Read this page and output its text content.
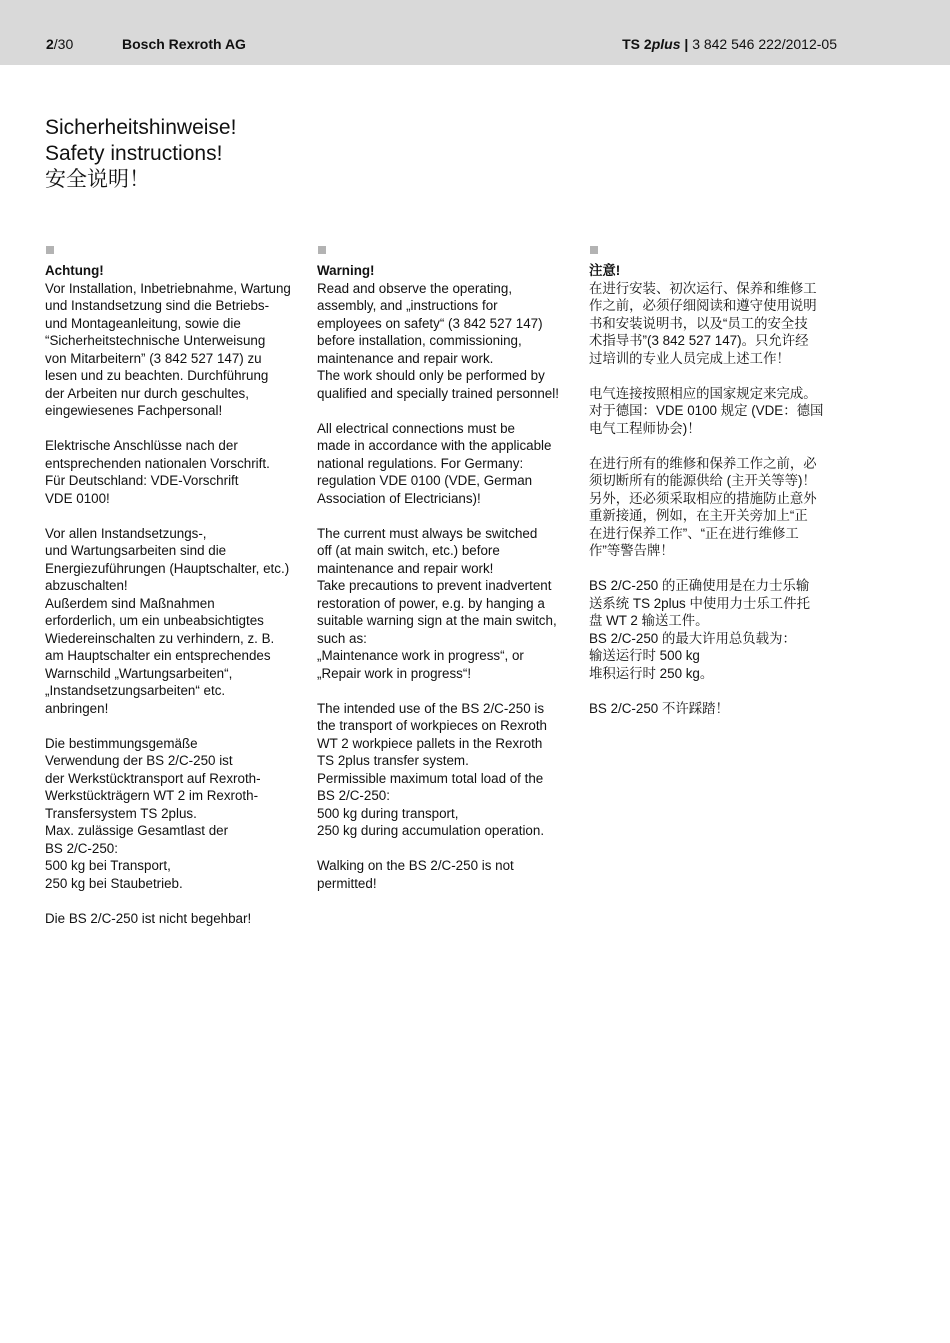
2/30	Bosch Rexroth AG	TS 2plus | 3 842 546 222/2012-05
Sicherheitshinweise!
Safety instructions!
安全说明！
Achtung!
Vor Installation, Inbetriebnahme, Wartung
und Instandsetzung sind die Betriebs-
und Montageanleitung, sowie die
“Sicherheitstechnische Unterweisung
von Mitarbeitern” (3 842 527 147) zu
lesen und zu beachten. Durchführung
der Arbeiten nur durch geschultes,
eingewiesenes Fachpersonal!
Elektrische Anschlüsse nach der
entsprechenden nationalen Vorschrift.
Für Deutschland: VDE-Vorschrift
VDE 0100!
Vor allen Instandsetzungs-,
und Wartungsarbeiten sind die
Energiezuführungen (Hauptschalter, etc.)
abzuschalten!
Außerdem sind Maßnahmen
erforderlich, um ein unbeabsichtigtes
Wiedereinschalten zu verhindern, z. B.
am Hauptschalter ein entsprechendes
Warnschild „Wartungsarbeiten“,
„Instandsetzungsarbeiten“ etc.
anbringen!
Die bestimmungsgemäße
Verwendung der BS 2/C-250 ist
der Werkstücktransport auf Rexroth-
Werkstückträgern WT 2 im Rexroth-
Transfersystem TS 2plus.
Max. zulässige Gesamtlast der
BS 2/C-250:
500 kg bei Transport,
250 kg bei Staubetrieb.
Die BS 2/C-250 ist nicht begehbar!
Warning!
Read and observe the operating,
assembly, and „instructions for
employees on safety“ (3 842 527 147)
before installation, commissioning,
maintenance and repair work.
The work should only be performed by
qualified and specially trained personnel!
All electrical connections must be
made in accordance with the applicable
national regulations. For Germany:
regulation VDE 0100 (VDE, German
Association of Electricians)!
The current must always be switched
off (at main switch, etc.) before
maintenance and repair work!
Take precautions to prevent inadvertent
restoration of power, e.g. by hanging a
suitable warning sign at the main switch,
such as:
„Maintenance work in progress“, or
„Repair work in progress“!
The intended use of the BS 2/C-250 is
the transport of workpieces on Rexroth
WT 2 workpiece pallets in the Rexroth
TS 2plus transfer system.
Permissible maximum total load of the
BS 2/C-250:
500 kg during transport,
250 kg during accumulation operation.
Walking on the BS 2/C-250 is not
permitted!
注意!
在进行安装、初次运行、保养和维修工
作之前，必须仔细阅读和遵守使用说明
书和安装说明书，以及“员工的安全技
术指导书”(3 842 527 147)。只允许经
过培训的专业人员完成上述工作！
电气连接按照相应的国家规定来完成。
对于德国：VDE 0100 规定 (VDE：德国
电气工程师协会)！
在进行所有的维修和保养工作之前，必
须切断所有的能源供给 (主开关等等)！
另外，还必须采取相应的措施防止意外
重新接通，例如，在主开关旁加上“正
在进行保养工作”、“正在进行维修工
作”等警告牌！
BS 2/C-250 的正确使用是在力士乐输
送系统 TS 2plus 中使用力士乐工件托
盘 WT 2 输送工件。
BS 2/C-250 的最大许用总负载为：
输送运行时 500 kg
堆积运行时 250 kg。
BS 2/C-250 不许踩踏！
